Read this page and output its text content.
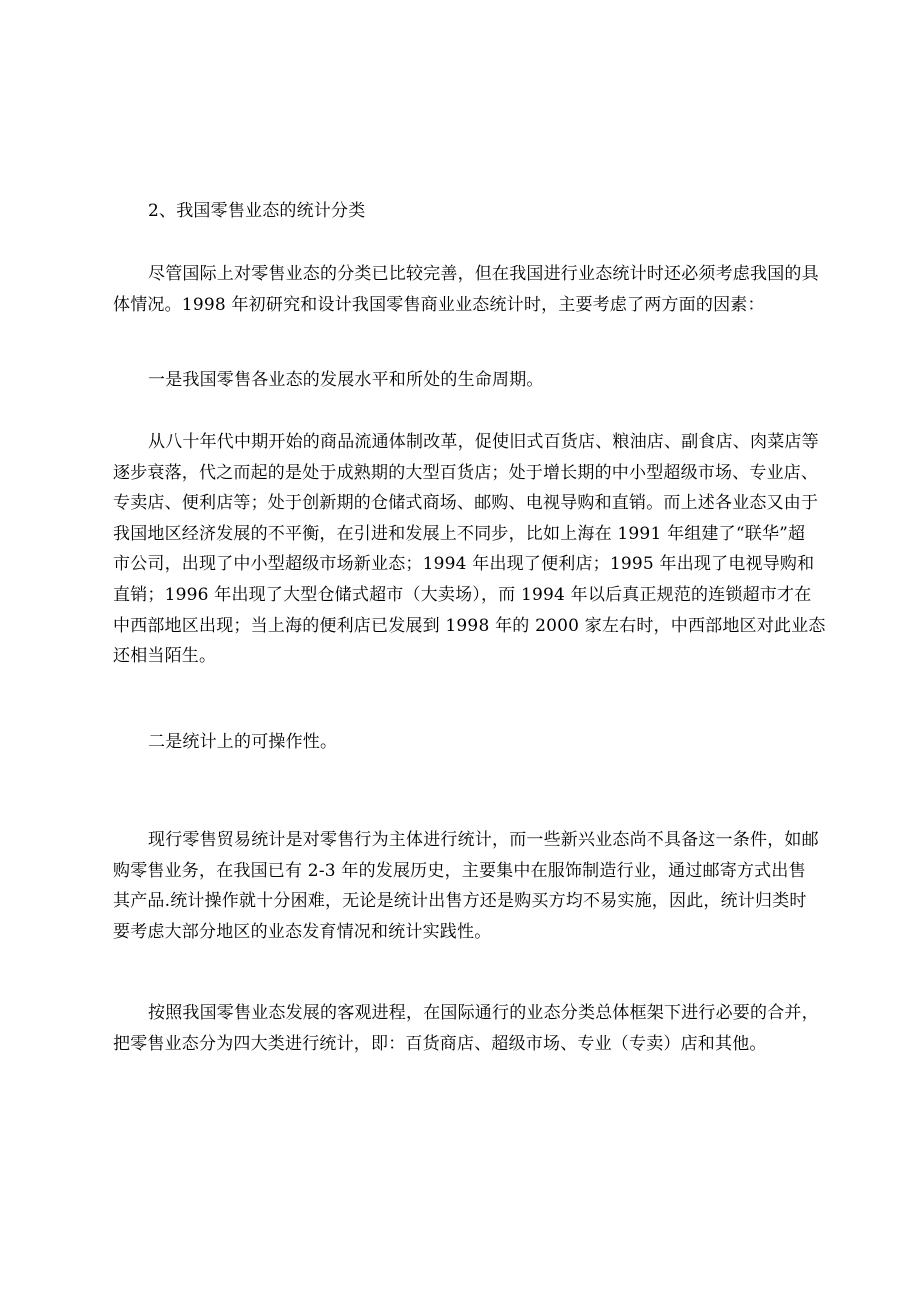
2、我国零售业态的统计分类

尽管国际上对零售业态的分类已比较完善，但在我国进行业态统计时还必须考虑我国的具
体情况。1998 年初研究和设计我国零售商业业态统计时，主要考虑了两方面的因素：

一是我国零售各业态的发展水平和所处的生命周期。

从八十年代中期开始的商品流通体制改革，促使旧式百货店、粮油店、副食店、肉菜店等
逐步衰落，代之而起的是处于成熟期的大型百货店；处于增长期的中小型超级市场、专业店、
专卖店、便利店等；处于创新期的仓储式商场、邮购、电视导购和直销。而上述各业态又由于
我国地区经济发展的不平衡，在引进和发展上不同步，比如上海在 1991 年组建了“联华”超
市公司，出现了中小型超级市场新业态；1994 年出现了便利店；1995 年出现了电视导购和
直销；1996 年出现了大型仓储式超市（大卖场），而 1994 年以后真正规范的连锁超市才在
中西部地区出现；当上海的便利店已发展到 1998 年的 2000 家左右时，中西部地区对此业态
还相当陌生。

二是统计上的可操作性。

现行零售贸易统计是对零售行为主体进行统计，而一些新兴业态尚不具备这一条件，如邮
购零售业务，在我国已有 2-3 年的发展历史，主要集中在服饰制造行业，通过邮寄方式出售
其产品.统计操作就十分困难，无论是统计出售方还是购买方均不易实施，因此，统计归类时
要考虑大部分地区的业态发育情况和统计实践性。

按照我国零售业态发展的客观进程，在国际通行的业态分类总体框架下进行必要的合并，
把零售业态分为四大类进行统计，即：百货商店、超级市场、专业（专卖）店和其他。
